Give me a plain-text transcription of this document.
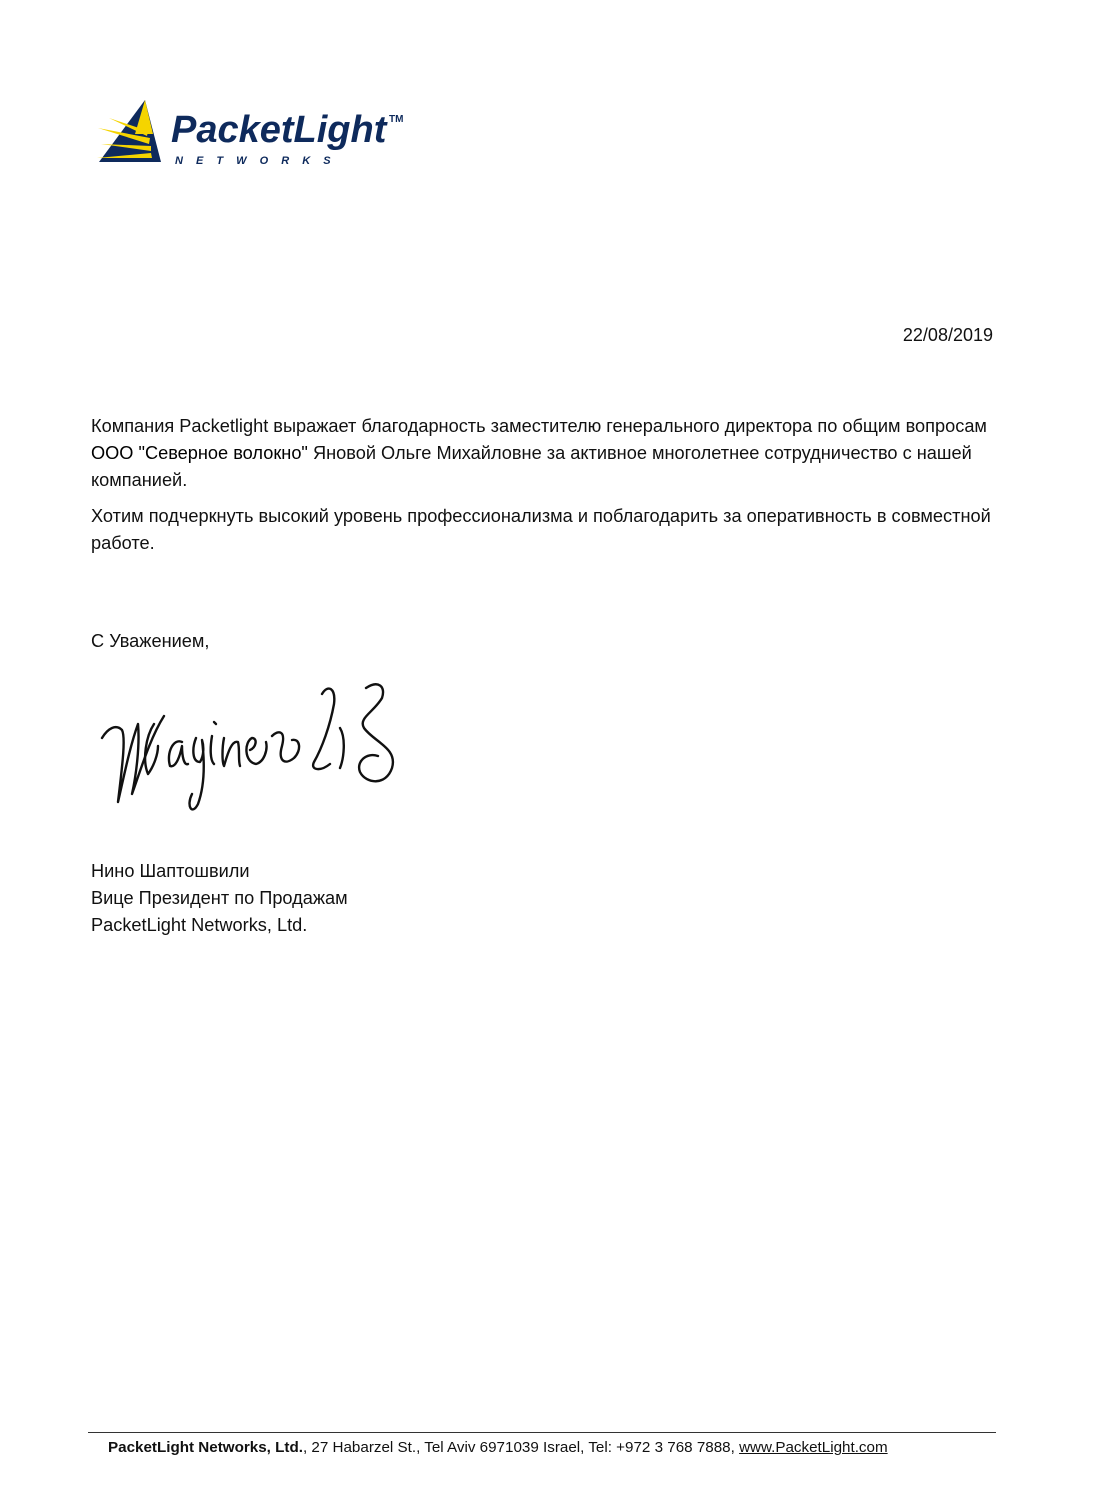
PacketLight TM
N E T W O R K S
22/08/2019

Компания Packetlight выражает благодарность заместителю генерального директора по общим вопросам ООО "Северное волокно" Яновой Ольге Михайловне за активное многолетнее сотрудничество с нашей компанией.

Хотим подчеркнуть высокий уровень профессионализма и поблагодарить за оперативность в совместной работе.

С Уважением,
Нино Шаптошвили
Вице Президент по Продажам
PacketLight Networks, Ltd.
PacketLight Networks, Ltd., 27 Habarzel St., Tel Aviv 6971039 Israel, Tel: +972 3 768 7888, www.PacketLight.com
